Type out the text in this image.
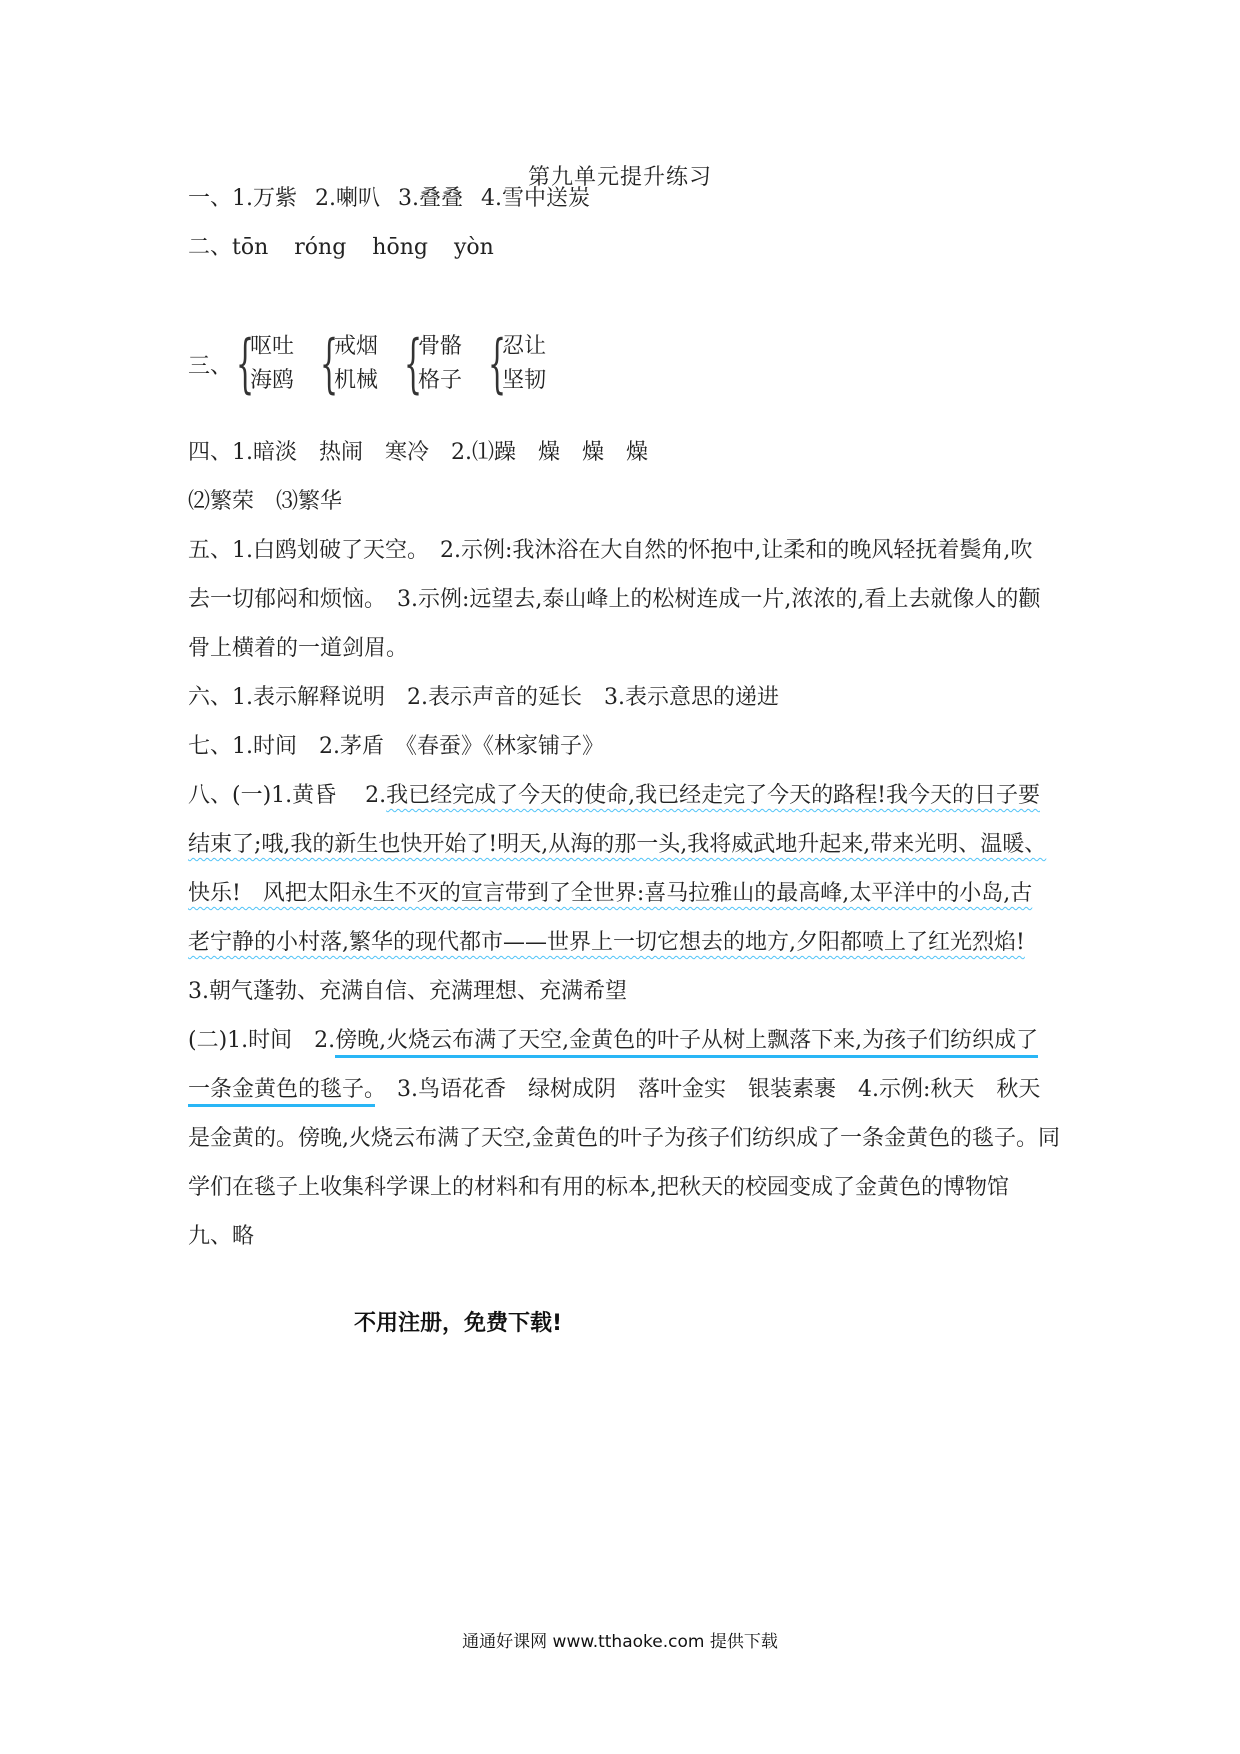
第九单元提升练习
一、1.万紫 2.喇叭 3.叠叠 4.雪中送炭
二、tōn róng hōng yòn
三、 {
呕吐
海鸥 {
戒烟
机械 {
骨骼
格子 {
忍让
坚韧
四、1.暗淡　热闹　寒冷　2.⑴躁　燥　燥　燥
⑵繁荣　⑶繁华
五、1.白鸥划破了天空。　2.示例:我沐浴在大自然的怀抱中,让柔和的晚风轻抚着鬓角,吹
去一切郁闷和烦恼。　3.示例:远望去,泰山峰上的松树连成一片,浓浓的,看上去就像人的颧
骨上横着的一道剑眉。
六、1.表示解释说明　2.表示声音的延长　3.表示意思的递进
七、1.时间　2.茅盾　《春蚕》《林家铺子》
八、(一)1.黄昏　 2.我已经完成了今天的使命,我已经走完了今天的路程!我今天的日子要
结束了;哦,我的新生也快开始了!明天,从海的那一头,我将威武地升起来,带来光明、温暖、
快乐!　风把太阳永生不灭的宣言带到了全世界:喜马拉雅山的最高峰,太平洋中的小岛,古
老宁静的小村落,繁华的现代都市——世界上一切它想去的地方,夕阳都喷上了红光烈焰!
3.朝气蓬勃、充满自信、充满理想、充满希望
(二)1.时间　2.傍晚,火烧云布满了天空,金黄色的叶子从树上飘落下来,为孩子们纺织成了
一条金黄色的毯子。　3.鸟语花香　绿树成阴　落叶金实　银装素裹　4.示例:秋天　秋天
是金黄的。傍晚,火烧云布满了天空,金黄色的叶子为孩子们纺织成了一条金黄色的毯子。同
学们在毯子上收集科学课上的材料和有用的标本,把秋天的校园变成了金黄色的博物馆
九、略
不用注册，免费下载!
通通好课网 www.tthaoke.com 提供下载
